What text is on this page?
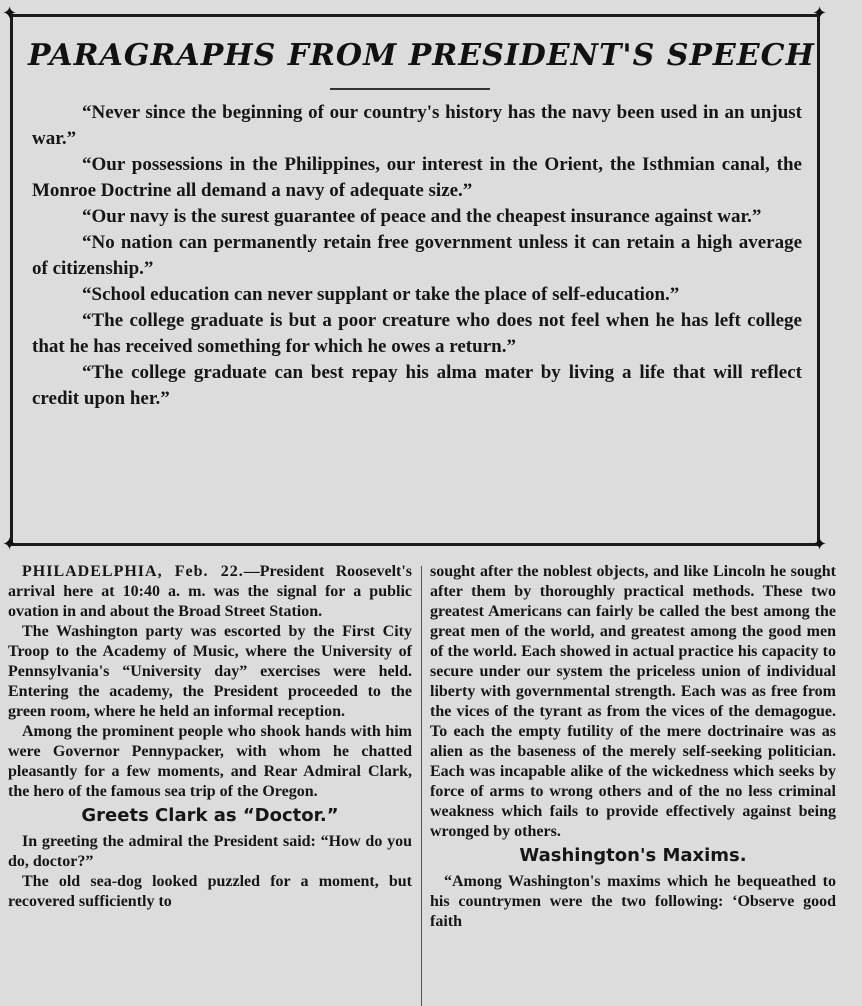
✦	✦
✦	✦
PARAGRAPHS FROM PRESIDENT'S SPEECH

“Never since the beginning of our country's history has the navy been used in an unjust war.”

“Our possessions in the Philippines, our interest in the Orient, the Isthmian canal, the Monroe Doctrine all demand a navy of adequate size.”

“Our navy is the surest guarantee of peace and the cheapest insurance against war.”

“No nation can permanently retain free government unless it can retain a high average of citizenship.”

“School education can never supplant or take the place of self-education.”

“The college graduate is but a poor creature who does not feel when he has left college that he has received something for which he owes a return.”

“The college graduate can best repay his alma mater by living a life that will reflect credit upon her.”

PHILADELPHIA, Feb. 22.—President Roosevelt's arrival here at 10:40 a. m. was the signal for a public ovation in and about the Broad Street Station.

The Washington party was escorted by the First City Troop to the Academy of Music, where the University of Pennsylvania's “University day” exercises were held. Entering the academy, the President proceeded to the green room, where he held an informal reception.

Among the prominent people who shook hands with him were Governor Pennypacker, with whom he chatted pleasantly for a few moments, and Rear Admiral Clark, the hero of the famous sea trip of the Oregon.

Greets Clark as “Doctor.”

In greeting the admiral the President said: “How do you do, doctor?”

The old sea-dog looked puzzled for a moment, but recovered sufficiently to

sought after the noblest objects, and like Lincoln he sought after them by thoroughly practical methods. These two greatest Americans can fairly be called the best among the great men of the world, and greatest among the good men of the world. Each showed in actual practice his capacity to secure under our system the priceless union of individual liberty with governmental strength. Each was as free from the vices of the tyrant as from the vices of the demagogue. To each the empty futility of the mere doctrinaire was as alien as the baseness of the merely self-seeking politician. Each was incapable alike of the wickedness which seeks by force of arms to wrong others and of the no less criminal weakness which fails to provide effectively against being wronged by others.

Washington's Maxims.

“Among Washington's maxims which he bequeathed to his countrymen were the two following: ‘Observe good faith
